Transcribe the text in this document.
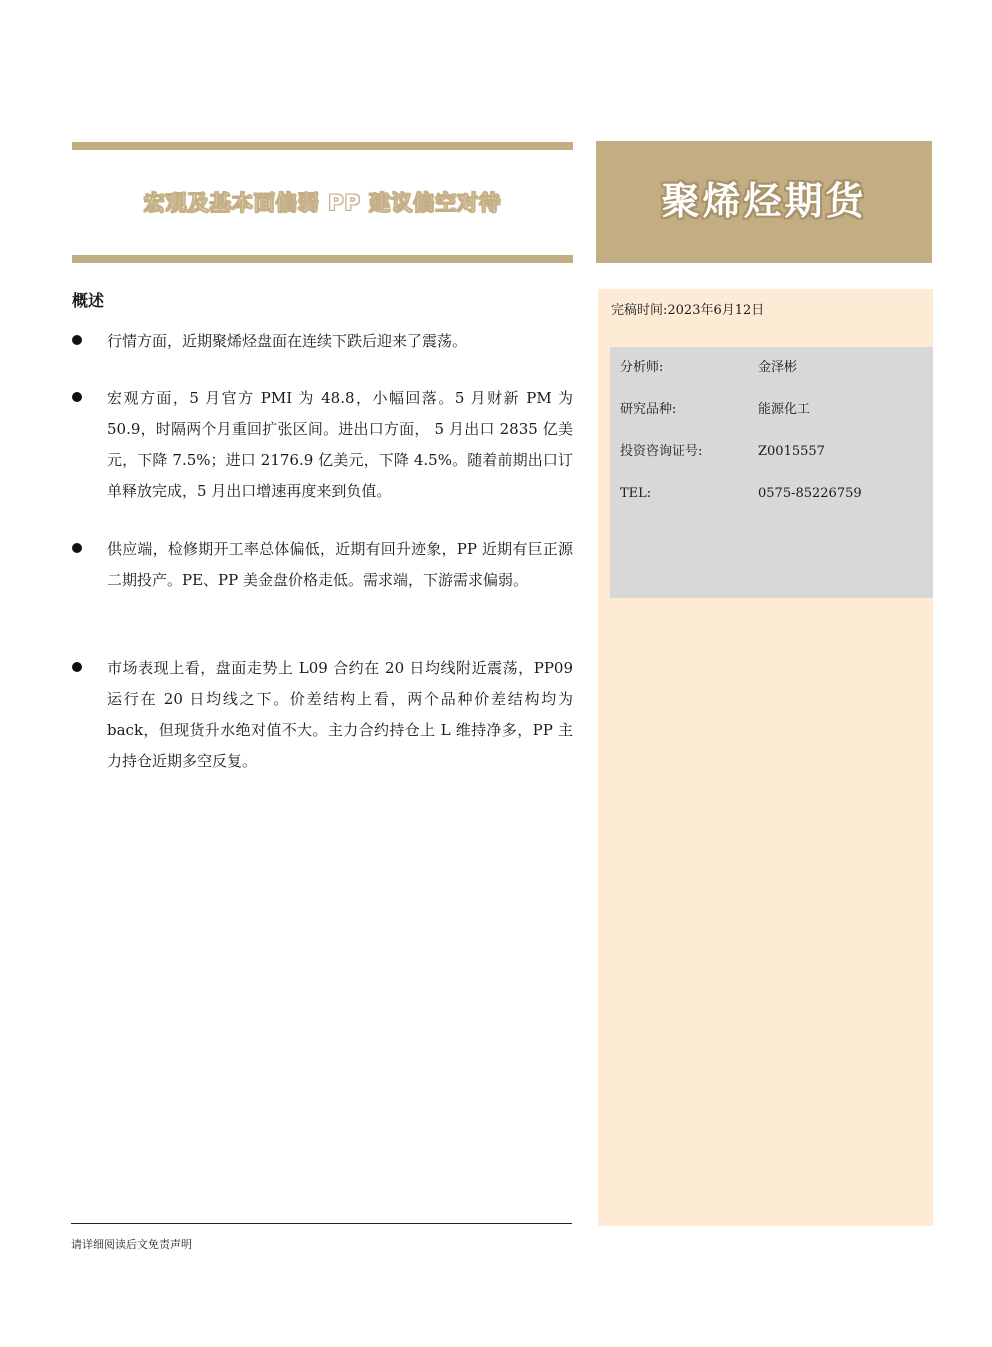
宏观及基本面偏弱 PP 建议偏空对待	聚烯烃期货
完稿时间:2023年6月12日
分析师:	金泽彬
研究品种:	能源化工
投资咨询证号:	Z0015557
TEL:	0575-85226759
概述
行情方面，近期聚烯烃盘面在连续下跌后迎来了震荡。
宏观方面，5 月官方 PMI 为 48.8，小幅回落。5 月财新 PM 为 50.9，时隔两个月重回扩张区间。进出口方面， 5 月出口 2835 亿美元，下降 7.5%；进口 2176.9 亿美元，下降 4.5%。随着前期出口订单释放完成，5 月出口增速再度来到负值。
供应端，检修期开工率总体偏低，近期有回升迹象，PP 近期有巨正源二期投产。PE、PP 美金盘价格走低。需求端，下游需求偏弱。
市场表现上看，盘面走势上 L09 合约在 20 日均线附近震荡，PP09 运行在 20 日均线之下。价差结构上看，两个品种价差结构均为 back，但现货升水绝对值不大。主力合约持仓上 L 维持净多，PP 主力持仓近期多空反复。
请详细阅读后文免责声明
